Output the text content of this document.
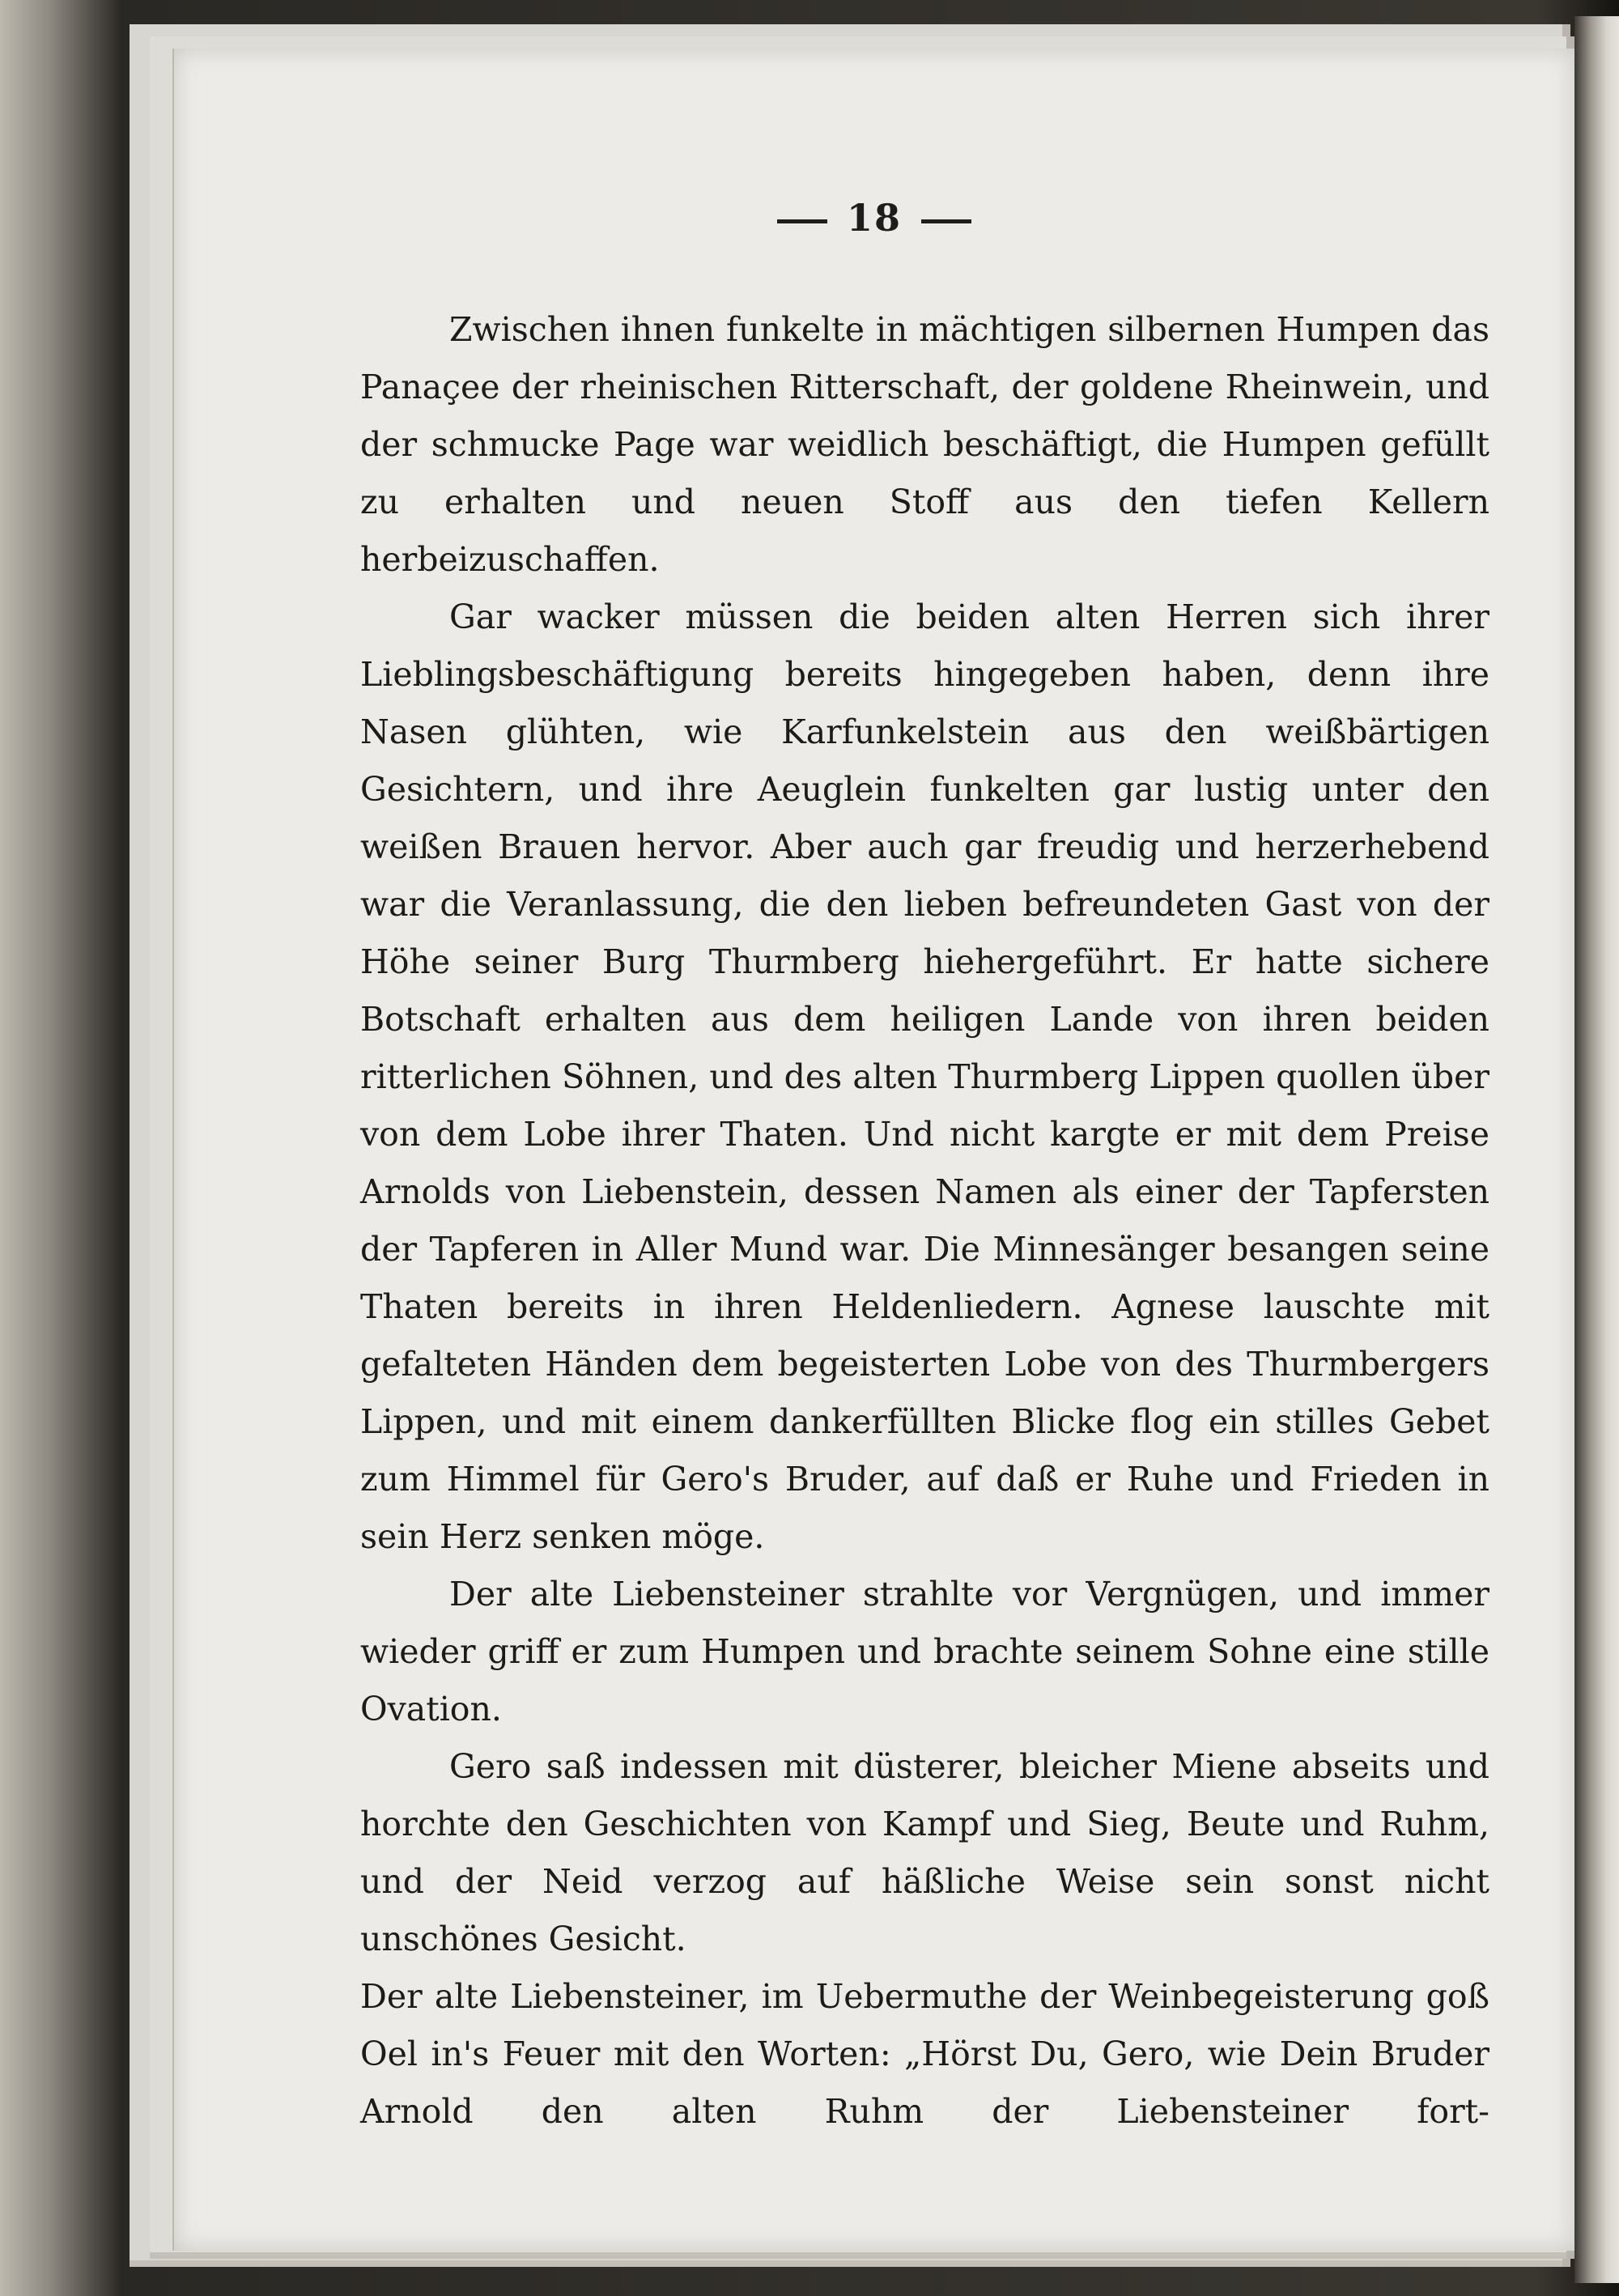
18

Zwischen ihnen funkelte in mächtigen silbernen Humpen das Panaçee der rheinischen Ritterschaft, der goldene Rheinwein, und der schmucke Page war weidlich beschäftigt, die Humpen gefüllt zu erhalten und neuen Stoff aus den tiefen Kellern herbeizuschaffen.

Gar wacker müssen die beiden alten Herren sich ihrer Lieblingsbeschäftigung bereits hingegeben haben, denn ihre Nasen glühten, wie Karfunkelstein aus den weißbärtigen Gesichtern, und ihre Aeuglein funkelten gar lustig unter den weißen Brauen hervor. Aber auch gar freudig und herzerhebend war die Veranlassung, die den lieben befreundeten Gast von der Höhe seiner Burg Thurmberg hiehergeführt. Er hatte sichere Botschaft erhalten aus dem heiligen Lande von ihren beiden ritterlichen Söhnen, und des alten Thurmberg Lippen quollen über von dem Lobe ihrer Thaten. Und nicht kargte er mit dem Preise Arnolds von Liebenstein, dessen Namen als einer der Tapfersten der Tapferen in Aller Mund war. Die Minnesänger besangen seine Thaten bereits in ihren Heldenliedern. Agnese lauschte mit gefalteten Händen dem begeisterten Lobe von des Thurmbergers Lippen, und mit einem dankerfüllten Blicke flog ein stilles Gebet zum Himmel für Gero's Bruder, auf daß er Ruhe und Frieden in sein Herz senken möge.

Der alte Liebensteiner strahlte vor Vergnügen, und immer wieder griff er zum Humpen und brachte seinem Sohne eine stille Ovation.

Gero saß indessen mit düsterer, bleicher Miene abseits und horchte den Geschichten von Kampf und Sieg, Beute und Ruhm, und der Neid verzog auf häßliche Weise sein sonst nicht unschönes Gesicht.

Der alte Liebensteiner, im Uebermuthe der Weinbegeisterung goß Oel in's Feuer mit den Worten: „Hörst Du, Gero, wie Dein Bruder Arnold den alten Ruhm der Liebensteiner fort-
